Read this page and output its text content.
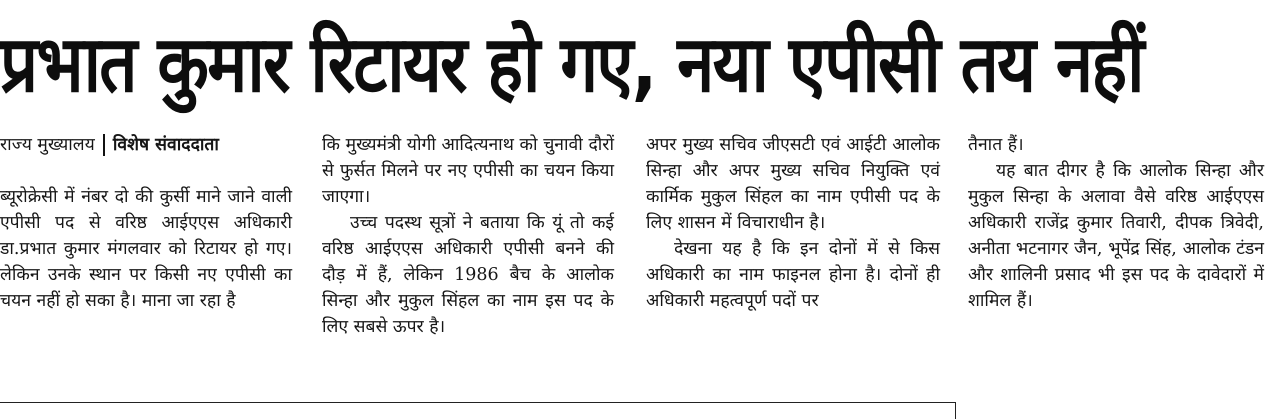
प्रभात कुमार रिटायर हो गए, नया एपीसी तय नहीं

राज्य मुख्यालय विशेष संवाददाता

ब्यूरोक्रेसी में नंबर दो की कुर्सी माने जाने वाली एपीसी पद से वरिष्ठ आईएएस अधिकारी डा.प्रभात कुमार मंगलवार को रिटायर हो गए। लेकिन उनके स्थान पर किसी नए एपीसी का चयन नहीं हो सका है। माना जा रहा है

कि मुख्यमंत्री योगी आदित्यनाथ को चुनावी दौरों से फुर्सत मिलने पर नए एपीसी का चयन किया जाएगा।

उच्च पदस्थ सूत्रों ने बताया कि यूं तो कई वरिष्ठ आईएएस अधिकारी एपीसी बनने की दौड़ में हैं, लेकिन 1986 बैच के आलोक सिन्हा और मुकुल सिंहल का नाम इस पद के लिए सबसे ऊपर है।

अपर मुख्य सचिव जीएसटी एवं आईटी आलोक सिन्हा और अपर मुख्य सचिव नियुक्ति एवं कार्मिक मुकुल सिंहल का नाम एपीसी पद के लिए शासन में विचाराधीन है।

देखना यह है कि इन दोनों में से किस अधिकारी का नाम फाइनल होना है। दोनों ही अधिकारी महत्वपूर्ण पदों पर

तैनात हैं।

यह बात दीगर है कि आलोक सिन्हा और मुकुल सिन्हा के अलावा वैसे वरिष्ठ आईएएस अधिकारी राजेंद्र कुमार तिवारी, दीपक त्रिवेदी, अनीता भटनागर जैन, भूपेंद्र सिंह, आलोक टंडन और शालिनी प्रसाद भी इस पद के दावेदारों में शामिल हैं।
